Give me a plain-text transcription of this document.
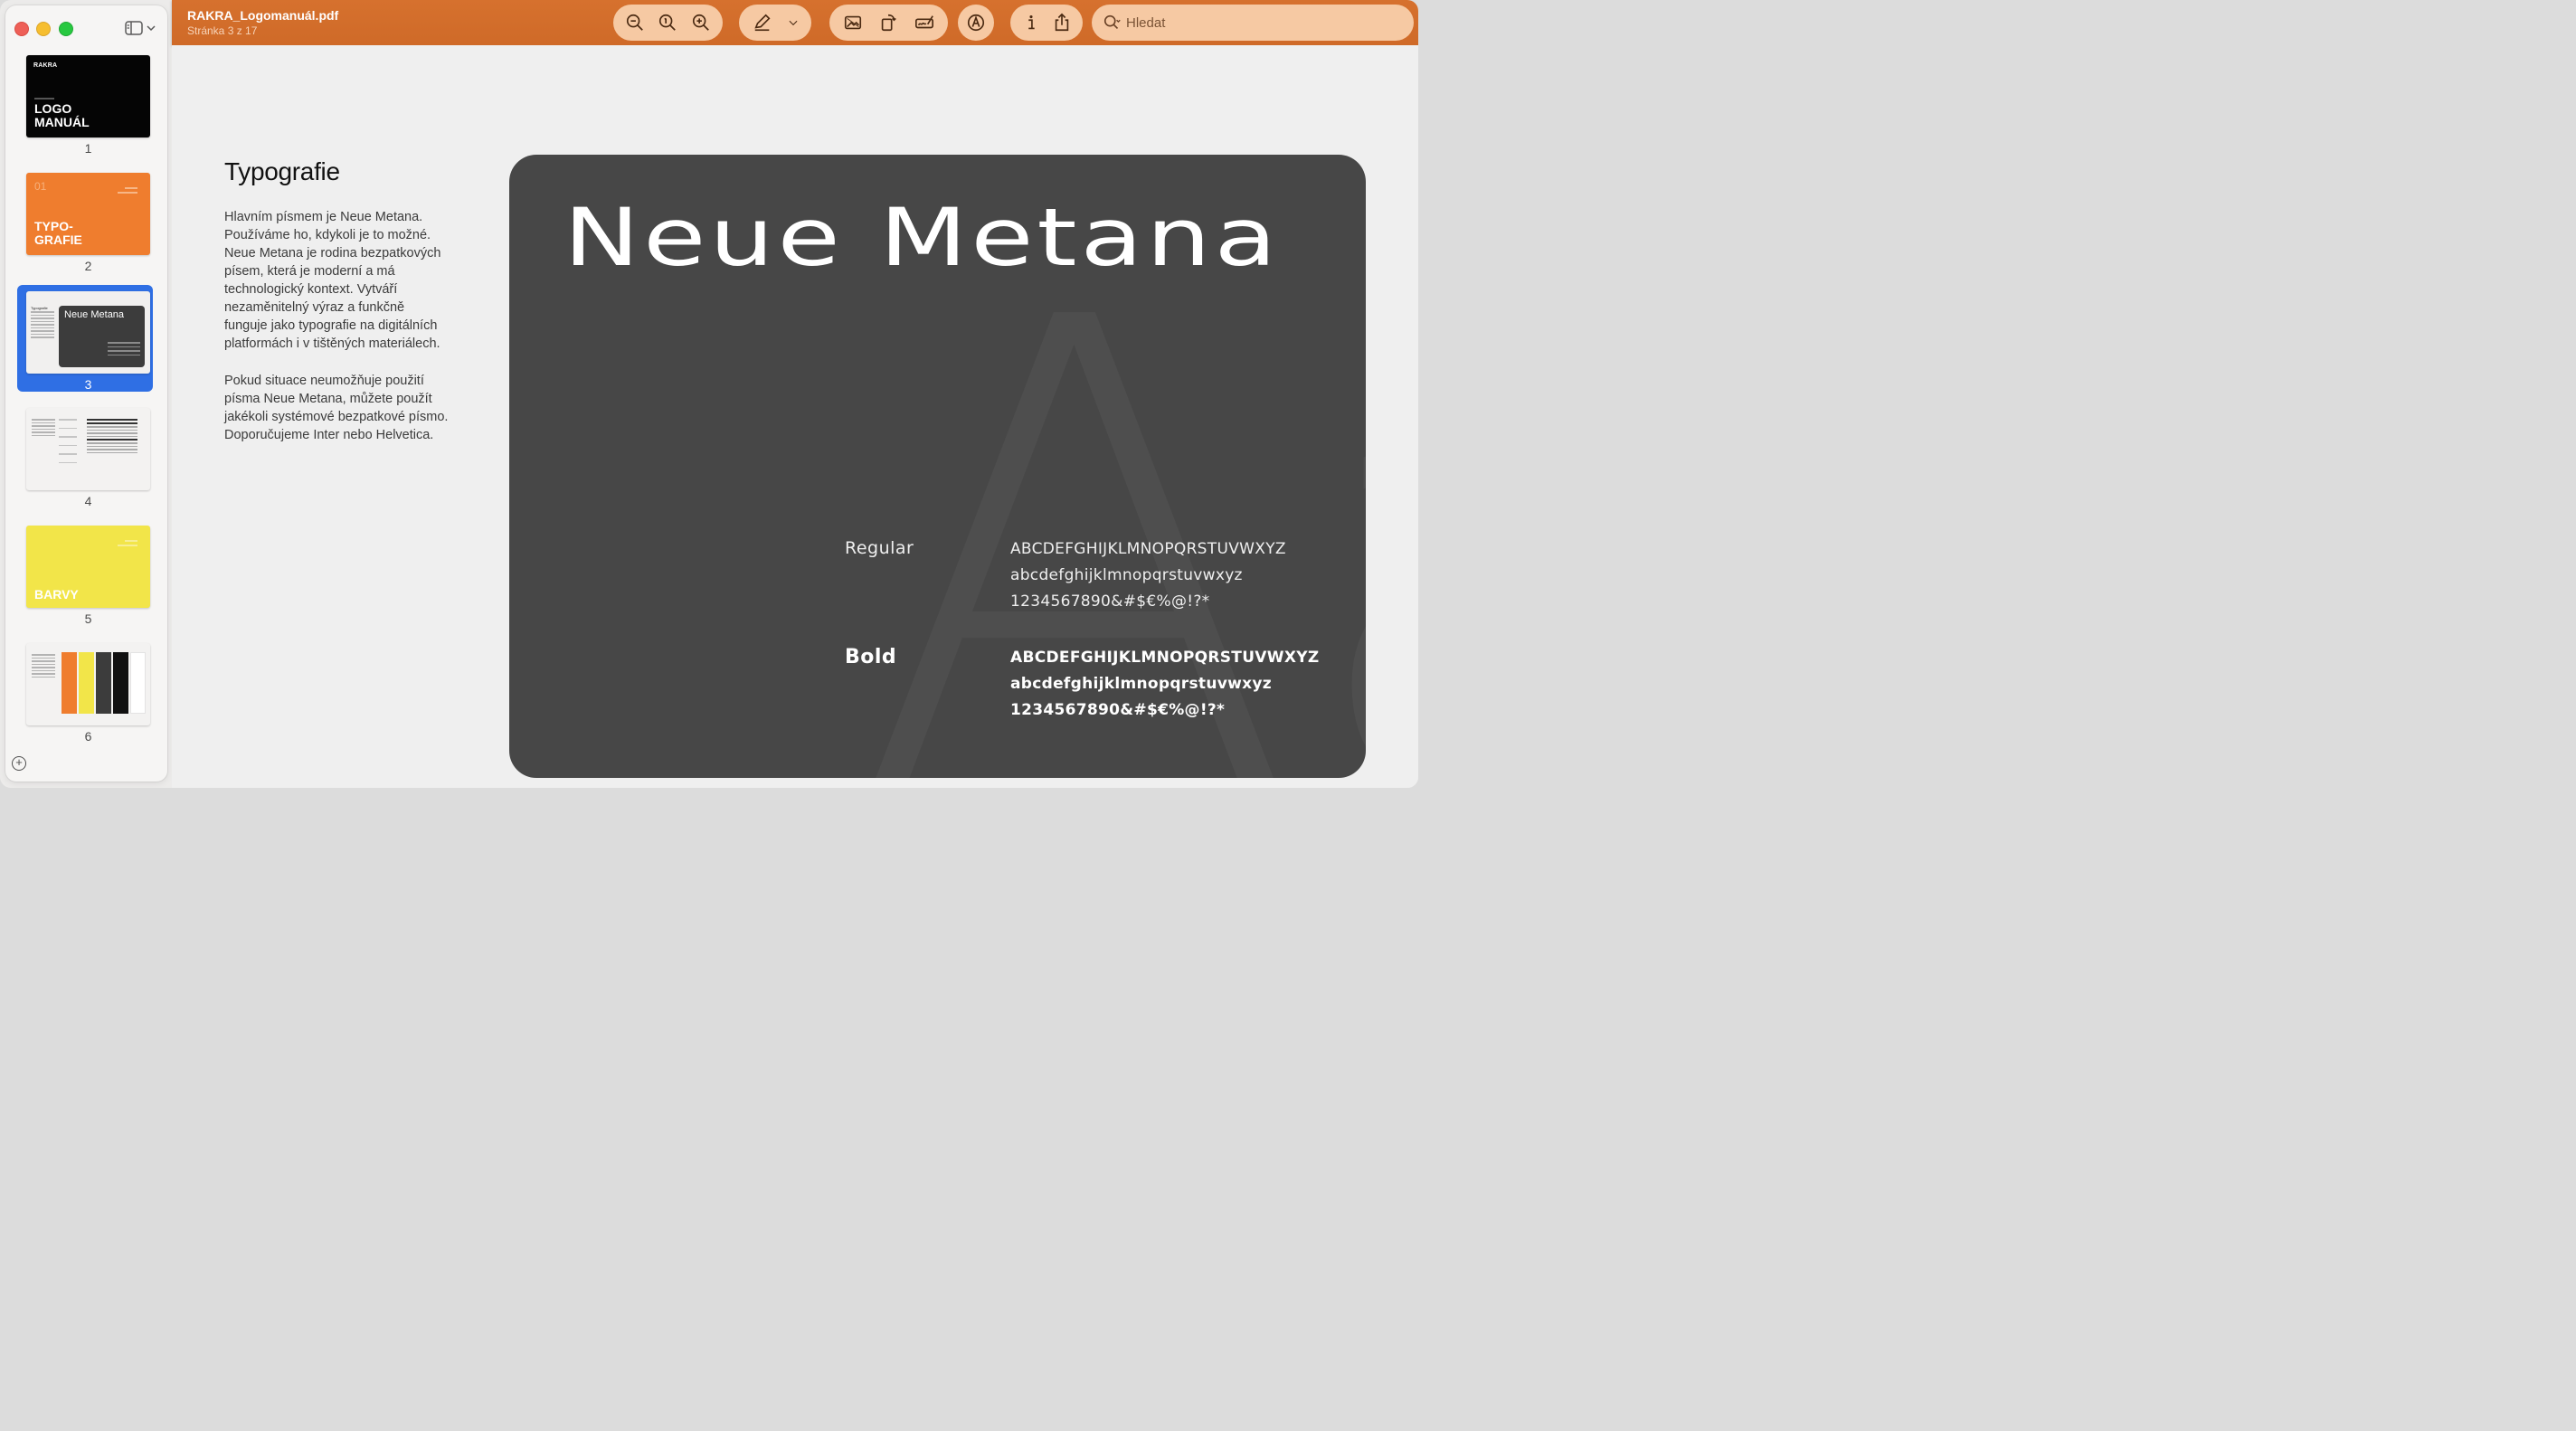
RAKRA
LOGO
MANUÁL
1
01
TYPO-
GRAFIE
2
Typografie
Neue Metana
3
4
BARVY
5
6
+
RAKRA_Logomanuál.pdf
Stránka 3 z 17
Hledat
Typografie
Hlavním písmem je Neue Metana. Používáme ho, kdykoli je to možné. Neue Metana je rodina bezpatkových písem, která je moderní a má technologický kontext. Vytváří nezaměnitelný výraz a funkčně funguje jako typografie na digitálních platformách i v tištěných materiálech.
Pokud situace neumožňuje použití písma Neue Metana, můžete použít jakékoli systémové bezpatkové písmo. Doporučujeme Inter nebo Helvetica.
Neue Metana
Regular	ABCDEFGHIJKLMNOPQRSTUVWXYZ
abcdefghijklmnopqrstuvwxyz
1234567890&#$€%@!?*
Bold	ABCDEFGHIJKLMNOPQRSTUVWXYZ
abcdefghijklmnopqrstuvwxyz
1234567890&#$€%@!?*
